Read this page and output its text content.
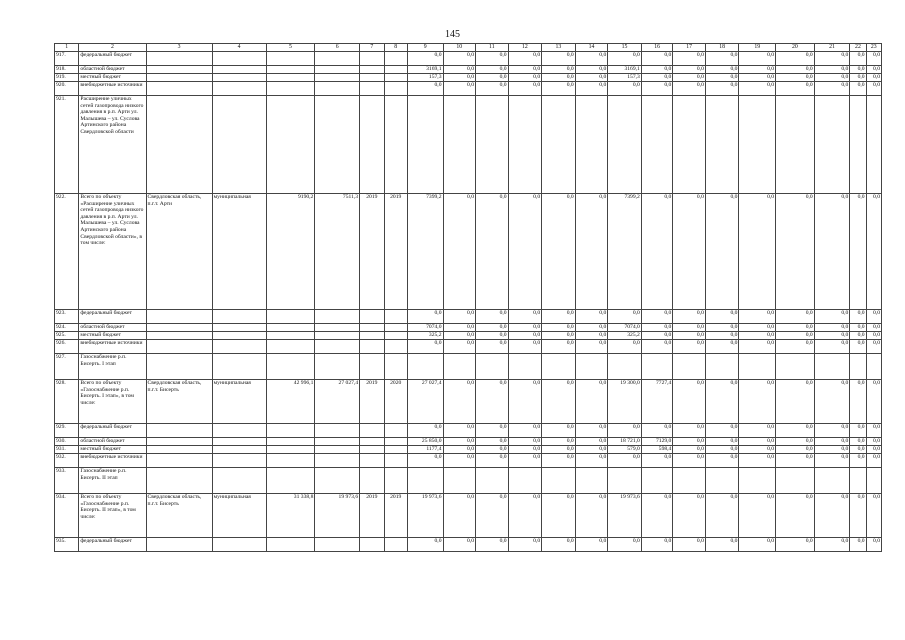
145
1	2	3	4	5	6	7	8	9	10	11	12	13	14	15	16	17	18	19	20	21	22	23
917.	федеральный бюджет							0,0	0,0	0,0	0,0	0,0	0,0	0,0	0,0	0,0	0,0	0,0	0,0	0,0	0,0	0,0
918.	областной бюджет							3169,1	0,0	0,0	0,0	0,0	0,0	3169,1	0,0	0,0	0,0	0,0	0,0	0,0	0,0	0,0
919.	местный бюджет							157,3	0,0	0,0	0,0	0,0	0,0	157,3	0,0	0,0	0,0	0,0	0,0	0,0	0,0	0,0
920.	внебюджетные источники							0,0	0,0	0,0	0,0	0,0	0,0	0,0	0,0	0,0	0,0	0,0	0,0	0,0	0,0	0,0
921.	Расширение уличных сетей газопровода низкого давления в р.п. Арти ул. Малышева – ул. Суслова Артинского района Свердловской области																					
922.	Всего по объекту «Расширение уличных сетей газопровода низкого давления в р.п. Арти ул. Малышева – ул. Суслова Артинского района Свердловской области», в том числе:	Свердловская область, п.г.т. Арти	муниципальная	9190,2	7511,3	2019	2019	7399,2	0,0	0,0	0,0	0,0	0,0	7399,2	0,0	0,0	0,0	0,0	0,0	0,0	0,0	0,0
923.	федеральный бюджет							0,0	0,0	0,0	0,0	0,0	0,0	0,0	0,0	0,0	0,0	0,0	0,0	0,0	0,0	0,0
924.	областной бюджет							7074,0	0,0	0,0	0,0	0,0	0,0	7074,0	0,0	0,0	0,0	0,0	0,0	0,0	0,0	0,0
925.	местный бюджет							325,2	0,0	0,0	0,0	0,0	0,0	325,2	0,0	0,0	0,0	0,0	0,0	0,0	0,0	0,0
926.	внебюджетные источники							0,0	0,0	0,0	0,0	0,0	0,0	0,0	0,0	0,0	0,0	0,0	0,0	0,0	0,0	0,0
927.	Газоснабжение р.п. Бисерть. I этап																					
928.	Всего по объекту «Газоснабжение р.п. Бисерть. I этап», в том числе:	Свердловская область, п.г.т. Бисерть	муниципальная	42 996,1	27 027,4	2019	2020	27 027,4	0,0	0,0	0,0	0,0	0,0	19 300,0	7727,4	0,0	0,0	0,0	0,0	0,0	0,0	0,0
929.	федеральный бюджет							0,0	0,0	0,0	0,0	0,0	0,0	0,0	0,0	0,0	0,0	0,0	0,0	0,0	0,0	0,0
930.	областной бюджет							25 850,0	0,0	0,0	0,0	0,0	0,0	18 721,0	7129,0	0,0	0,0	0,0	0,0	0,0	0,0	0,0
931.	местный бюджет							1177,4	0,0	0,0	0,0	0,0	0,0	579,0	598,4	0,0	0,0	0,0	0,0	0,0	0,0	0,0
932.	внебюджетные источники							0,0	0,0	0,0	0,0	0,0	0,0	0,0	0,0	0,0	0,0	0,0	0,0	0,0	0,0	0,0
933.	Газоснабжение р.п. Бисерть. II этап																					
934.	Всего по объекту «Газоснабжение р.п. Бисерть. II этап», в том числе:	Свердловская область, п.г.т. Бисерть	муниципальная	31 338,8	19 973,6	2019	2019	19 973,6	0,0	0,0	0,0	0,0	0,0	19 973,6	0,0	0,0	0,0	0,0	0,0	0,0	0,0	0,0
935.	федеральный бюджет							0,0	0,0	0,0	0,0	0,0	0,0	0,0	0,0	0,0	0,0	0,0	0,0	0,0	0,0	0,0
